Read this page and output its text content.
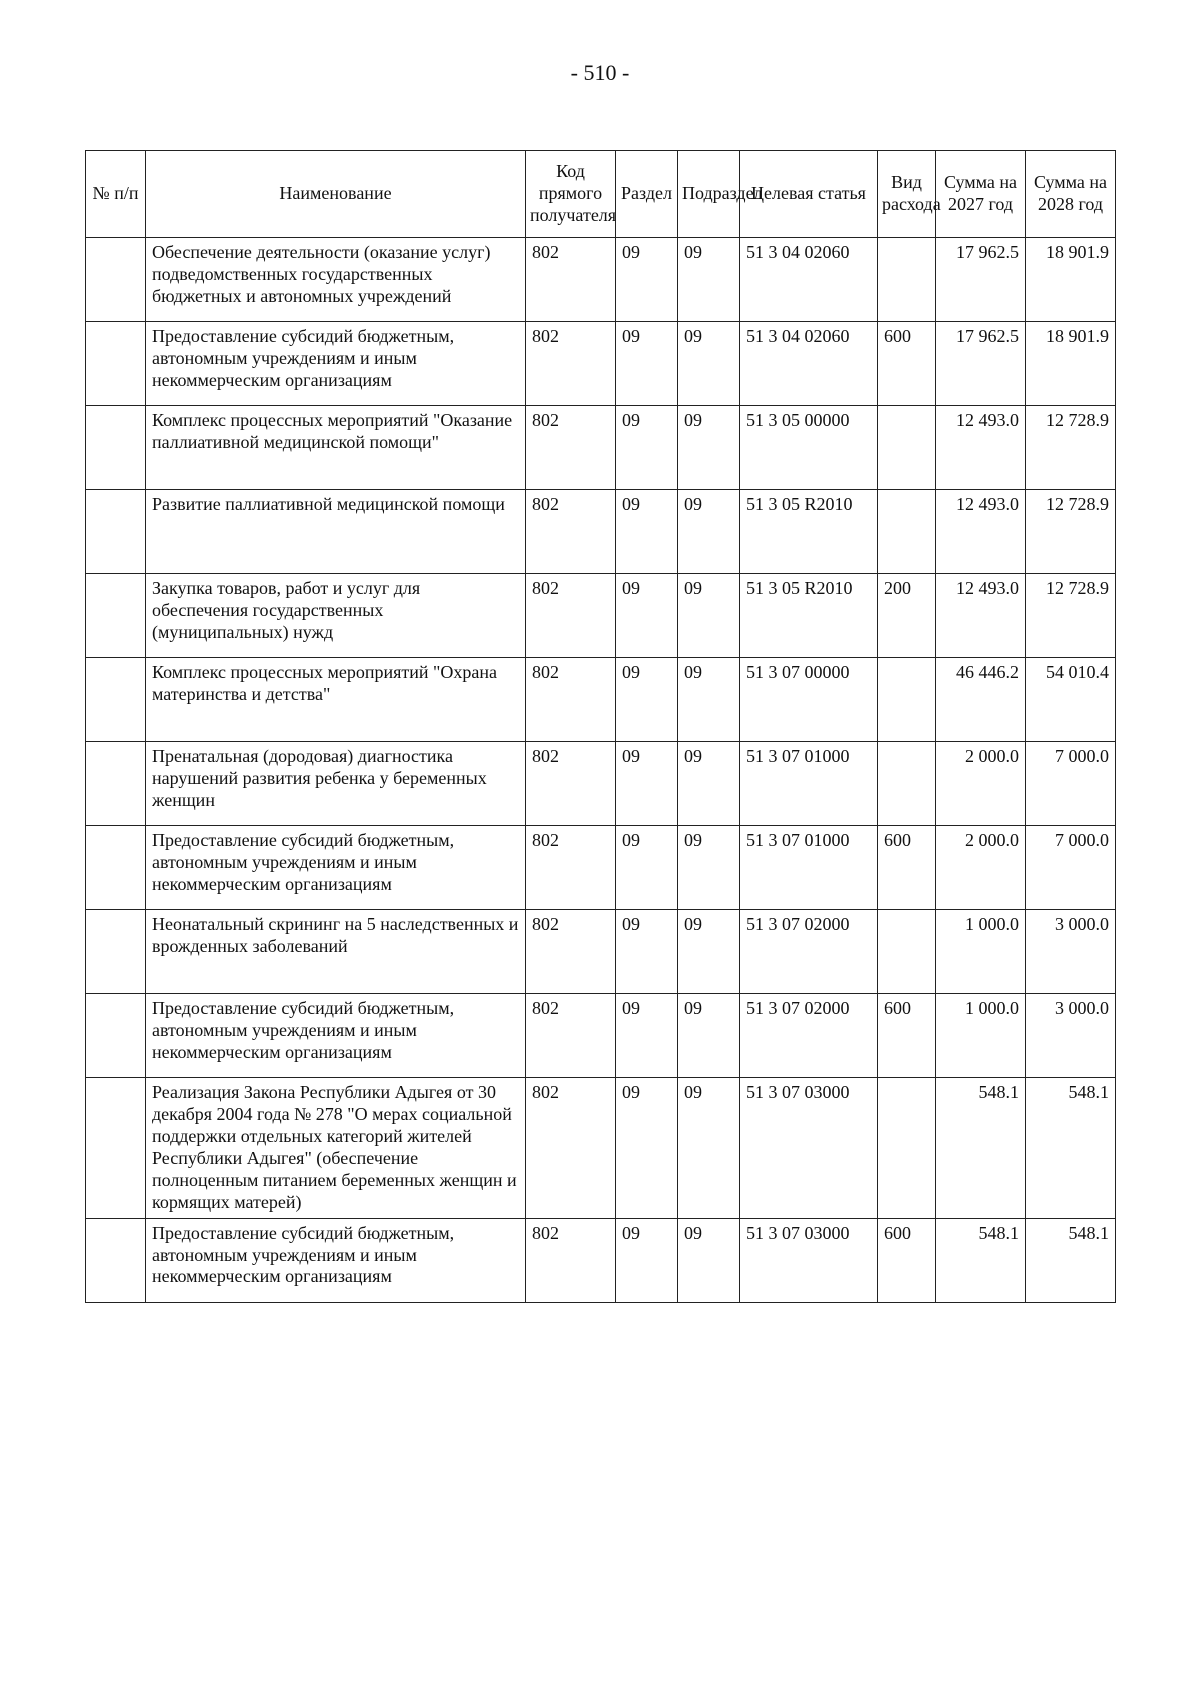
- 510 -
№ п/п	Наименование	Код прямого получателя	Раздел	Подраздел	Целевая статья	Вид расхода	Сумма на 2027 год	Сумма на 2028 год
	Обеспечение деятельности (оказание услуг) подведомственных государственных бюджетных и автономных учреждений	802	09	09	51 3 04 02060		17 962.5	18 901.9
	Предоставление субсидий бюджетным, автономным учреждениям и иным некоммерческим организациям	802	09	09	51 3 04 02060	600	17 962.5	18 901.9
	Комплекс процессных мероприятий "Оказание паллиативной медицинской помощи"	802	09	09	51 3 05 00000		12 493.0	12 728.9
	Развитие паллиативной медицинской помощи	802	09	09	51 3 05 R2010		12 493.0	12 728.9
	Закупка товаров, работ и услуг для обеспечения государственных (муниципальных) нужд	802	09	09	51 3 05 R2010	200	12 493.0	12 728.9
	Комплекс процессных мероприятий "Охрана материнства и детства"	802	09	09	51 3 07 00000		46 446.2	54 010.4
	Пренатальная (дородовая) диагностика нарушений развития ребенка у беременных женщин	802	09	09	51 3 07 01000		2 000.0	7 000.0
	Предоставление субсидий бюджетным, автономным учреждениям и иным некоммерческим организациям	802	09	09	51 3 07 01000	600	2 000.0	7 000.0
	Неонатальный скрининг на 5 наследственных и врожденных заболеваний	802	09	09	51 3 07 02000		1 000.0	3 000.0
	Предоставление субсидий бюджетным, автономным учреждениям и иным некоммерческим организациям	802	09	09	51 3 07 02000	600	1 000.0	3 000.0
	Реализация Закона Республики Адыгея от 30 декабря 2004 года № 278 "О мерах социальной поддержки отдельных категорий жителей Республики Адыгея" (обеспечение полноценным питанием беременных женщин и кормящих матерей)	802	09	09	51 3 07 03000		548.1	548.1
	Предоставление субсидий бюджетным, автономным учреждениям и иным некоммерческим организациям	802	09	09	51 3 07 03000	600	548.1	548.1
